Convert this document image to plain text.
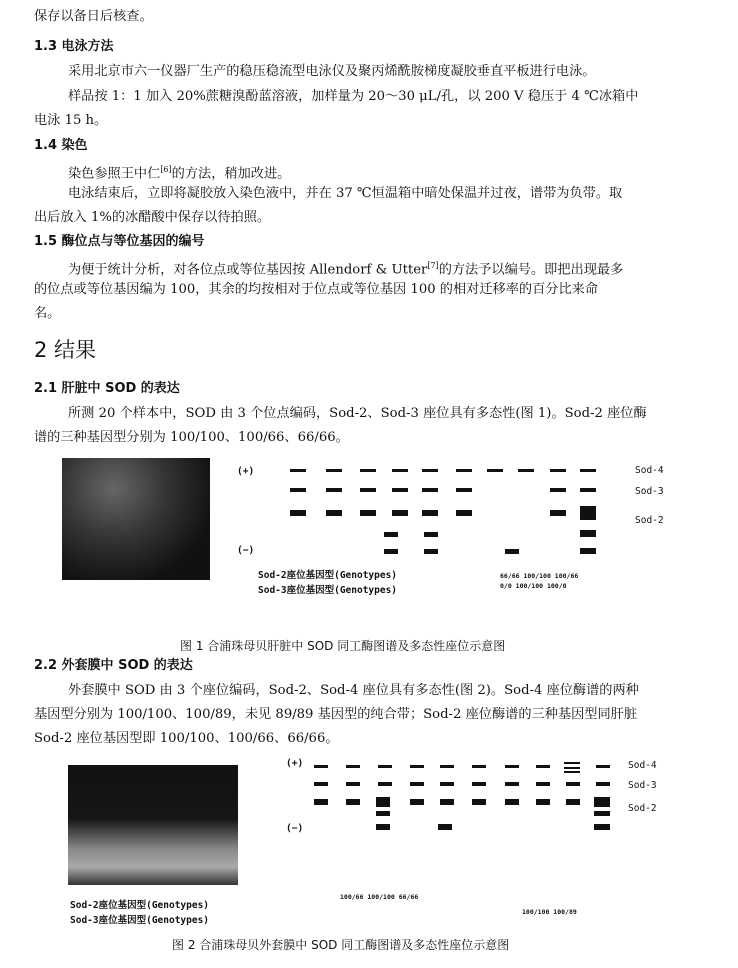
保存以备日后核查。
1.3 电泳方法
采用北京市六一仪器厂生产的稳压稳流型电泳仪及聚丙烯酰胺梯度凝胶垂直平板进行电泳。
样品按 1：1 加入 20%蔗糖溴酚蓝溶液，加样量为 20～30 μL/孔，以 200 V 稳压于 4 ℃冰箱中
电泳 15 h。
1.4 染色
染色参照王中仁[6]的方法，稍加改进。
电泳结束后，立即将凝胶放入染色液中，并在 37 ℃恒温箱中暗处保温并过夜，谱带为负带。取
出后放入 1%的冰醋酸中保存以待拍照。
1.5 酶位点与等位基因的编号
为便于统计分析，对各位点或等位基因按 Allendorf & Utter[7]的方法予以编号。即把出现最多
的位点或等位基因编为 100，其余的均按相对于位点或等位基因 100 的相对迁移率的百分比来命
名。
2 结果
2.1 肝脏中 SOD 的表达
所测 20 个样本中，SOD 由 3 个位点编码，Sod-2、Sod-3 座位具有多态性(图 1)。Sod-2 座位酶
谱的三种基因型分别为 100/100、100/66、66/66。
(+)
(−)
Sod-4
Sod-3
Sod-2
Sod-2座位基因型(Genotypes)
Sod-3座位基因型(Genotypes)
66/66 100/100 100/66
0/0 100/100 100/0
图 1 合浦珠母贝肝脏中 SOD 同工酶图谱及多态性座位示意图
2.2 外套膜中 SOD 的表达
外套膜中 SOD 由 3 个座位编码，Sod-2、Sod-4 座位具有多态性(图 2)。Sod-4 座位酶谱的两种
基因型分别为 100/100、100/89，未见 89/89 基因型的纯合带；Sod-2 座位酶谱的三种基因型同肝脏
Sod-2 座位基因型即 100/100、100/66、66/66。
(+)
(−)
Sod-4
Sod-3
Sod-2
100/66 100/100 66/66
100/100 100/89
Sod-2座位基因型(Genotypes)
Sod-3座位基因型(Genotypes)
图 2 合浦珠母贝外套膜中 SOD 同工酶图谱及多态性座位示意图
